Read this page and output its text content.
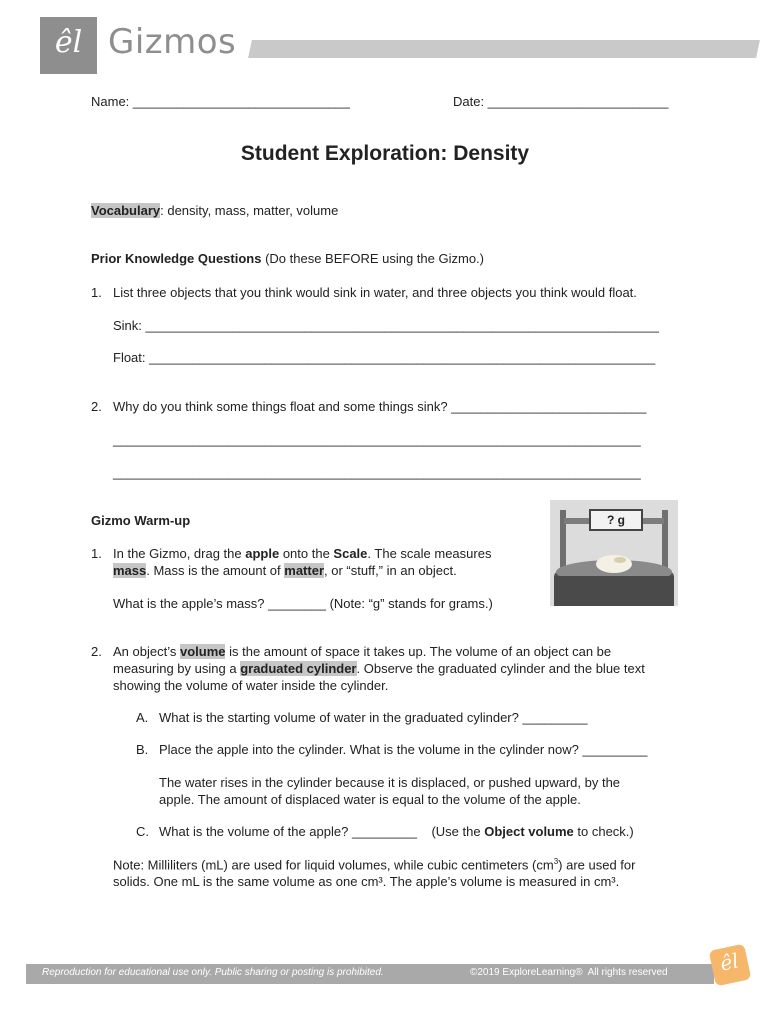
êl Gizmos
Name: ______________________________	Date: _________________________
Student Exploration: Density
Vocabulary: density, mass, matter, volume
Prior Knowledge Questions (Do these BEFORE using the Gizmo.)
1. List three objects that you think would sink in water, and three objects you think would float.
Sink: _______________________________________________________________________
Float: ______________________________________________________________________
2. Why do you think some things float and some things sink? ___________________________
_________________________________________________________________________
_________________________________________________________________________
Gizmo Warm-up	? g
1. In the Gizmo, drag the apple onto the Scale. The scale measures
mass. Mass is the amount of matter, or “stuff,” in an object.
What is the apple’s mass? ________ (Note: “g” stands for grams.)
2. An object’s volume is the amount of space it takes up. The volume of an object can be
measuring by using a graduated cylinder. Observe the graduated cylinder and the blue text
showing the volume of water inside the cylinder.
A. What is the starting volume of water in the graduated cylinder? _________
B. Place the apple into the cylinder. What is the volume in the cylinder now? _________
The water rises in the cylinder because it is displaced, or pushed upward, by the
apple. The amount of displaced water is equal to the volume of the apple.
C. What is the volume of the apple? _________    (Use the Object volume to check.)
Note: Milliliters (mL) are used for liquid volumes, while cubic centimeters $(cm^3)$ are used for
solids. One mL is the same volume as one cm³. The apple’s volume is measured in cm³.
Reproduction for educational use only. Public sharing or posting is prohibited.	©2019 ExploreLearning®  All rights reserved	êl
